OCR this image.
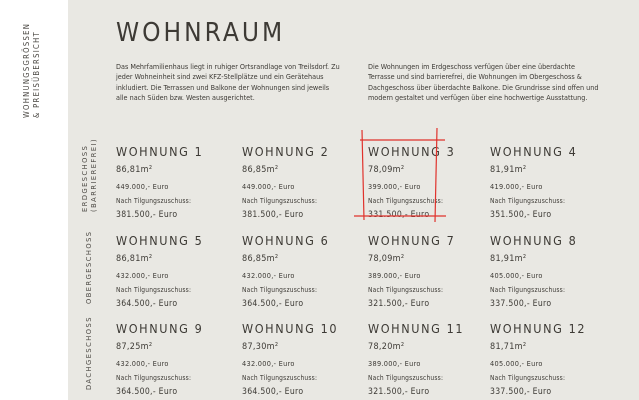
WOHNUNGSGRÖSSEN & PREISÜBERSICHT	WOHNRAUM

Das Mehrfamilienhaus liegt in ruhiger Ortsrandlage von Treilsdorf. Zu jeder Wohneinheit sind zwei KFZ-Stellplätze und ein Gerätehaus inkludiert. Die Terrassen und Balkone der Wohnungen sind jeweils alle nach Süden bzw. Westen ausgerichtet.

Die Wohnungen im Erdgeschoss verfügen über eine überdachte Terrasse und sind barrierefrei, die Wohnungen im Obergeschoss & Dachgeschoss über überdachte Balkone. Die Grundrisse sind offen und modern gestaltet und verfügen über eine hochwertige Ausstattung.

ERDGESCHOSS (BARRIEREFREI)
OBERGESCHOSS
DACHGESCHOSS
WOHNUNG 1
86,81m²
449.000,- Euro
Nach Tilgungszuschuss:
381.500,- Euro
WOHNUNG 2
86,85m²
449.000,- Euro
Nach Tilgungszuschuss:
381.500,- Euro
WOHNUNG 3
78,09m²
399.000,- Euro
Nach Tilgungszuschuss:
331.500,- Euro
WOHNUNG 4
81,91m²
419.000,- Euro
Nach Tilgungszuschuss:
351.500,- Euro
WOHNUNG 5
86,81m²
432.000,- Euro
Nach Tilgungszuschuss:
364.500,- Euro
WOHNUNG 6
86,85m²
432.000,- Euro
Nach Tilgungszuschuss:
364.500,- Euro
WOHNUNG 7
78,09m²
389.000,- Euro
Nach Tilgungszuschuss:
321.500,- Euro
WOHNUNG 8
81,91m²
405.000,- Euro
Nach Tilgungszuschuss:
337.500,- Euro
WOHNUNG 9
87,25m²
432.000,- Euro
Nach Tilgungszuschuss:
364.500,- Euro
WOHNUNG 10
87,30m²
432.000,- Euro
Nach Tilgungszuschuss:
364.500,- Euro
WOHNUNG 11
78,20m²
389.000,- Euro
Nach Tilgungszuschuss:
321.500,- Euro
WOHNUNG 12
81,71m²
405.000,- Euro
Nach Tilgungszuschuss:
337.500,- Euro
